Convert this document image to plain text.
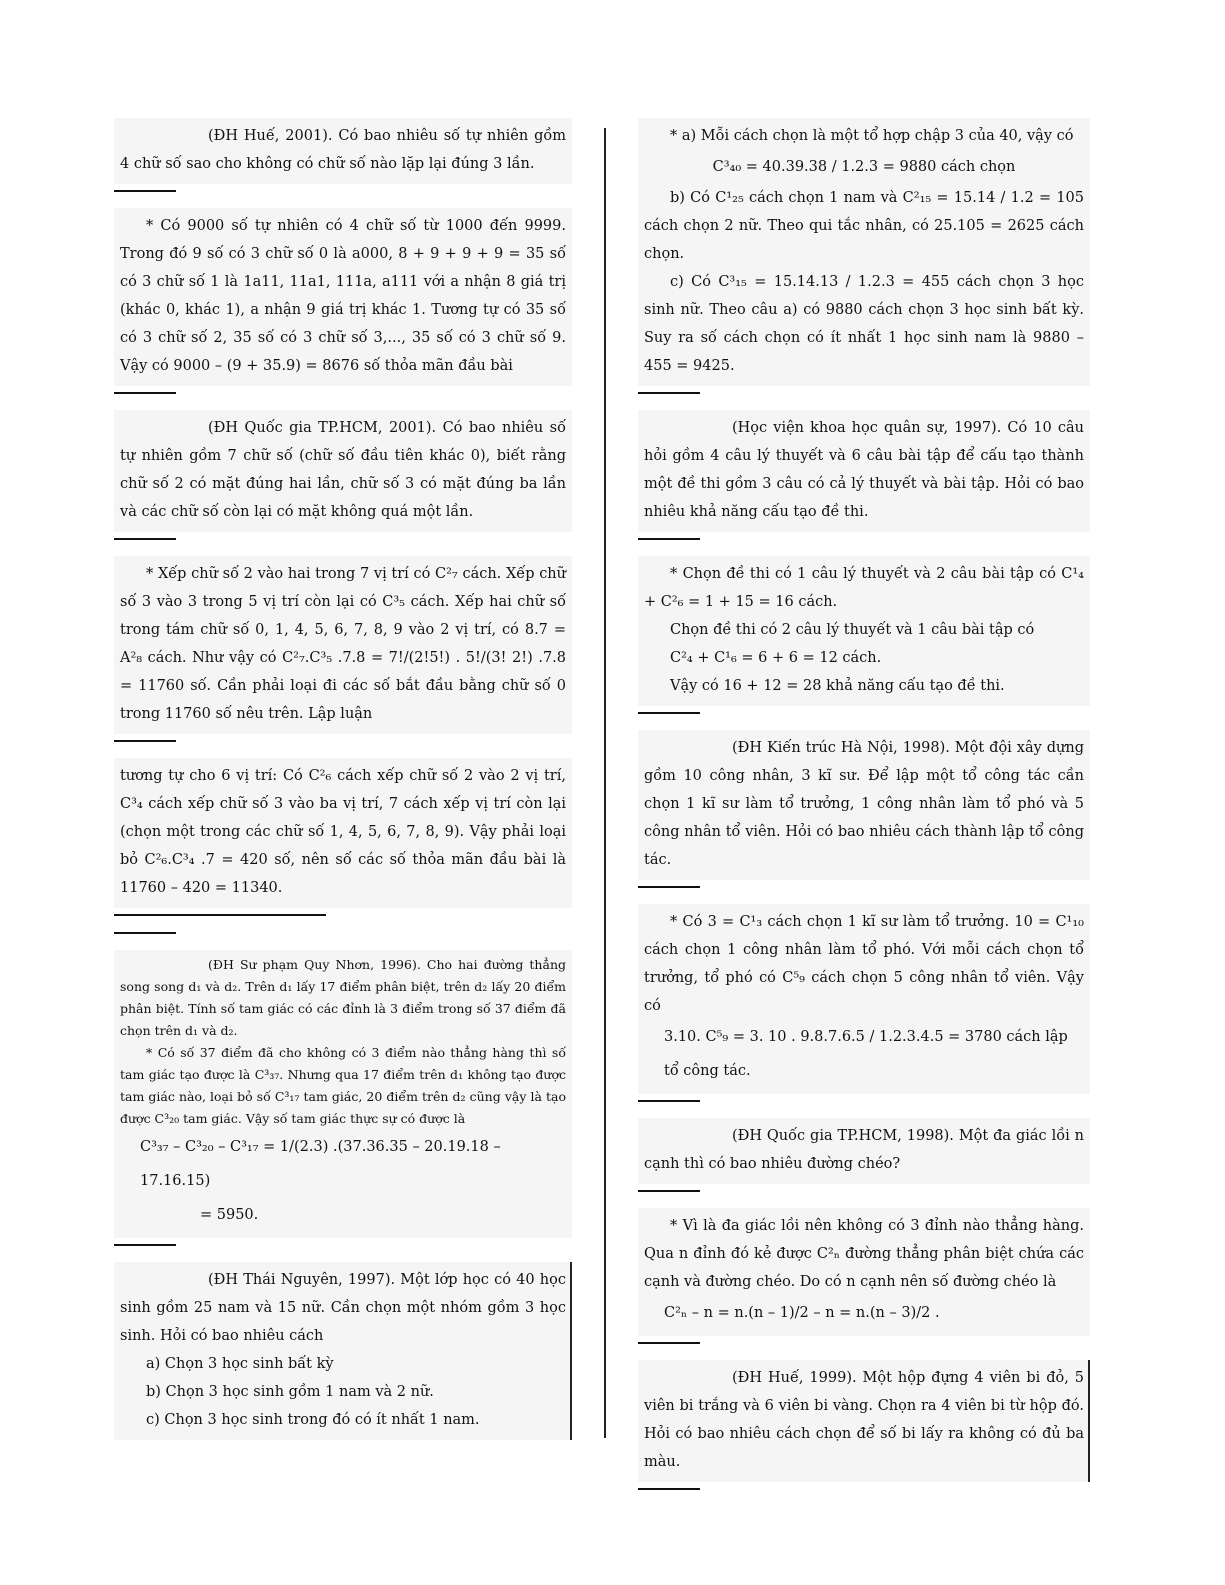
(ĐH Huế, 2001). Có bao nhiêu số tự nhiên gồm 4 chữ số sao cho không có chữ số nào lặp lại đúng 3 lần.

* Có 9000 số tự nhiên có 4 chữ số từ 1000 đến 9999. Trong đó 9 số có 3 chữ số 0 là a000, 8 + 9 + 9 + 9 = 35 số có 3 chữ số 1 là 1a11, 11a1, 111a, a111 với a nhận 8 giá trị (khác 0, khác 1), a nhận 9 giá trị khác 1. Tương tự có 35 số có 3 chữ số 2, 35 số có 3 chữ số 3,..., 35 số có 3 chữ số 9. Vậy có 9000 – (9 + 35.9) = 8676 số thỏa mãn đầu bài

(ĐH Quốc gia TP.HCM, 2001). Có bao nhiêu số tự nhiên gồm 7 chữ số (chữ số đầu tiên khác 0), biết rằng chữ số 2 có mặt đúng hai lần, chữ số 3 có mặt đúng ba lần và các chữ số còn lại có mặt không quá một lần.

* Xếp chữ số 2 vào hai trong 7 vị trí có C²₇ cách. Xếp chữ số 3 vào 3 trong 5 vị trí còn lại có C³₅ cách. Xếp hai chữ số trong tám chữ số 0, 1, 4, 5, 6, 7, 8, 9 vào 2 vị trí, có 8.7 = A²₈ cách. Như vậy có C²₇.C³₅ .7.8 = 7!/(2!5!) . 5!/(3! 2!) .7.8 = 11760 số. Cần phải loại đi các số bắt đầu bằng chữ số 0 trong 11760 số nêu trên. Lập luận

tương tự cho 6 vị trí: Có C²₆ cách xếp chữ số 2 vào 2 vị trí, C³₄ cách xếp chữ số 3 vào ba vị trí, 7 cách xếp vị trí còn lại (chọn một trong các chữ số 1, 4, 5, 6, 7, 8, 9). Vậy phải loại bỏ C²₆.C³₄ .7 = 420 số, nên số các số thỏa mãn đầu bài là 11760 – 420 = 11340.

(ĐH Sư phạm Quy Nhơn, 1996). Cho hai đường thẳng song song d₁ và d₂. Trên d₁ lấy 17 điểm phân biệt, trên d₂ lấy 20 điểm phân biệt. Tính số tam giác có các đỉnh là 3 điểm trong số 37 điểm đã chọn trên d₁ và d₂.

* Có số 37 điểm đã cho không có 3 điểm nào thẳng hàng thì số tam giác tạo được là C³₃₇. Nhưng qua 17 điểm trên d₁ không tạo được tam giác nào, loại bỏ số C³₁₇ tam giác, 20 điểm trên d₂ cũng vậy là tạo được C³₂₀ tam giác. Vậy số tam giác thực sự có được là

C³₃₇ – C³₂₀ – C³₁₇ = 1/(2.3) .(37.36.35 – 20.19.18 – 17.16.15)
= 5950.

(ĐH Thái Nguyên, 1997). Một lớp học có 40 học sinh gồm 25 nam và 15 nữ. Cần chọn một nhóm gồm 3 học sinh. Hỏi có bao nhiêu cách

a) Chọn 3 học sinh bất kỳ

b) Chọn 3 học sinh gồm 1 nam và 2 nữ.

c) Chọn 3 học sinh trong đó có ít nhất 1 nam.

* a) Mỗi cách chọn là một tổ hợp chập 3 của 40, vậy có

C³₄₀ = 40.39.38 / 1.2.3 = 9880 cách chọn

b) Có C¹₂₅ cách chọn 1 nam và C²₁₅ = 15.14 / 1.2 = 105 cách chọn 2 nữ. Theo qui tắc nhân, có 25.105 = 2625 cách chọn.

c) Có C³₁₅ = 15.14.13 / 1.2.3 = 455 cách chọn 3 học sinh nữ. Theo câu a) có 9880 cách chọn 3 học sinh bất kỳ. Suy ra số cách chọn có ít nhất 1 học sinh nam là 9880 – 455 = 9425.

(Học viện khoa học quân sự, 1997). Có 10 câu hỏi gồm 4 câu lý thuyết và 6 câu bài tập để cấu tạo thành một đề thi gồm 3 câu có cả lý thuyết và bài tập. Hỏi có bao nhiêu khả năng cấu tạo đề thi.

* Chọn đề thi có 1 câu lý thuyết và 2 câu bài tập có C¹₄ + C²₆ = 1 + 15 = 16 cách.

Chọn đề thi có 2 câu lý thuyết và 1 câu bài tập có

C²₄ + C¹₆ = 6 + 6 = 12 cách.

Vậy có 16 + 12 = 28 khả năng cấu tạo đề thi.

(ĐH Kiến trúc Hà Nội, 1998). Một đội xây dựng gồm 10 công nhân, 3 kĩ sư. Để lập một tổ công tác cần chọn 1 kĩ sư làm tổ trưởng, 1 công nhân làm tổ phó và 5 công nhân tổ viên. Hỏi có bao nhiêu cách thành lập tổ công tác.

* Có 3 = C¹₃ cách chọn 1 kĩ sư làm tổ trưởng. 10 = C¹₁₀ cách chọn 1 công nhân làm tổ phó. Với mỗi cách chọn tổ trưởng, tổ phó có C⁵₉ cách chọn 5 công nhân tổ viên. Vậy có

3.10. C⁵₉ = 3. 10 . 9.8.7.6.5 / 1.2.3.4.5 = 3780 cách lập tổ công tác.

(ĐH Quốc gia TP.HCM, 1998). Một đa giác lồi n cạnh thì có bao nhiêu đường chéo?

* Vì là đa giác lồi nên không có 3 đỉnh nào thẳng hàng. Qua n đỉnh đó kẻ được C²ₙ đường thẳng phân biệt chứa các cạnh và đường chéo. Do có n cạnh nên số đường chéo là

C²ₙ – n = n.(n – 1)/2 – n = n.(n – 3)/2 .

(ĐH Huế, 1999). Một hộp đựng 4 viên bi đỏ, 5 viên bi trắng và 6 viên bi vàng. Chọn ra 4 viên bi từ hộp đó. Hỏi có bao nhiêu cách chọn để số bi lấy ra không có đủ ba màu.
